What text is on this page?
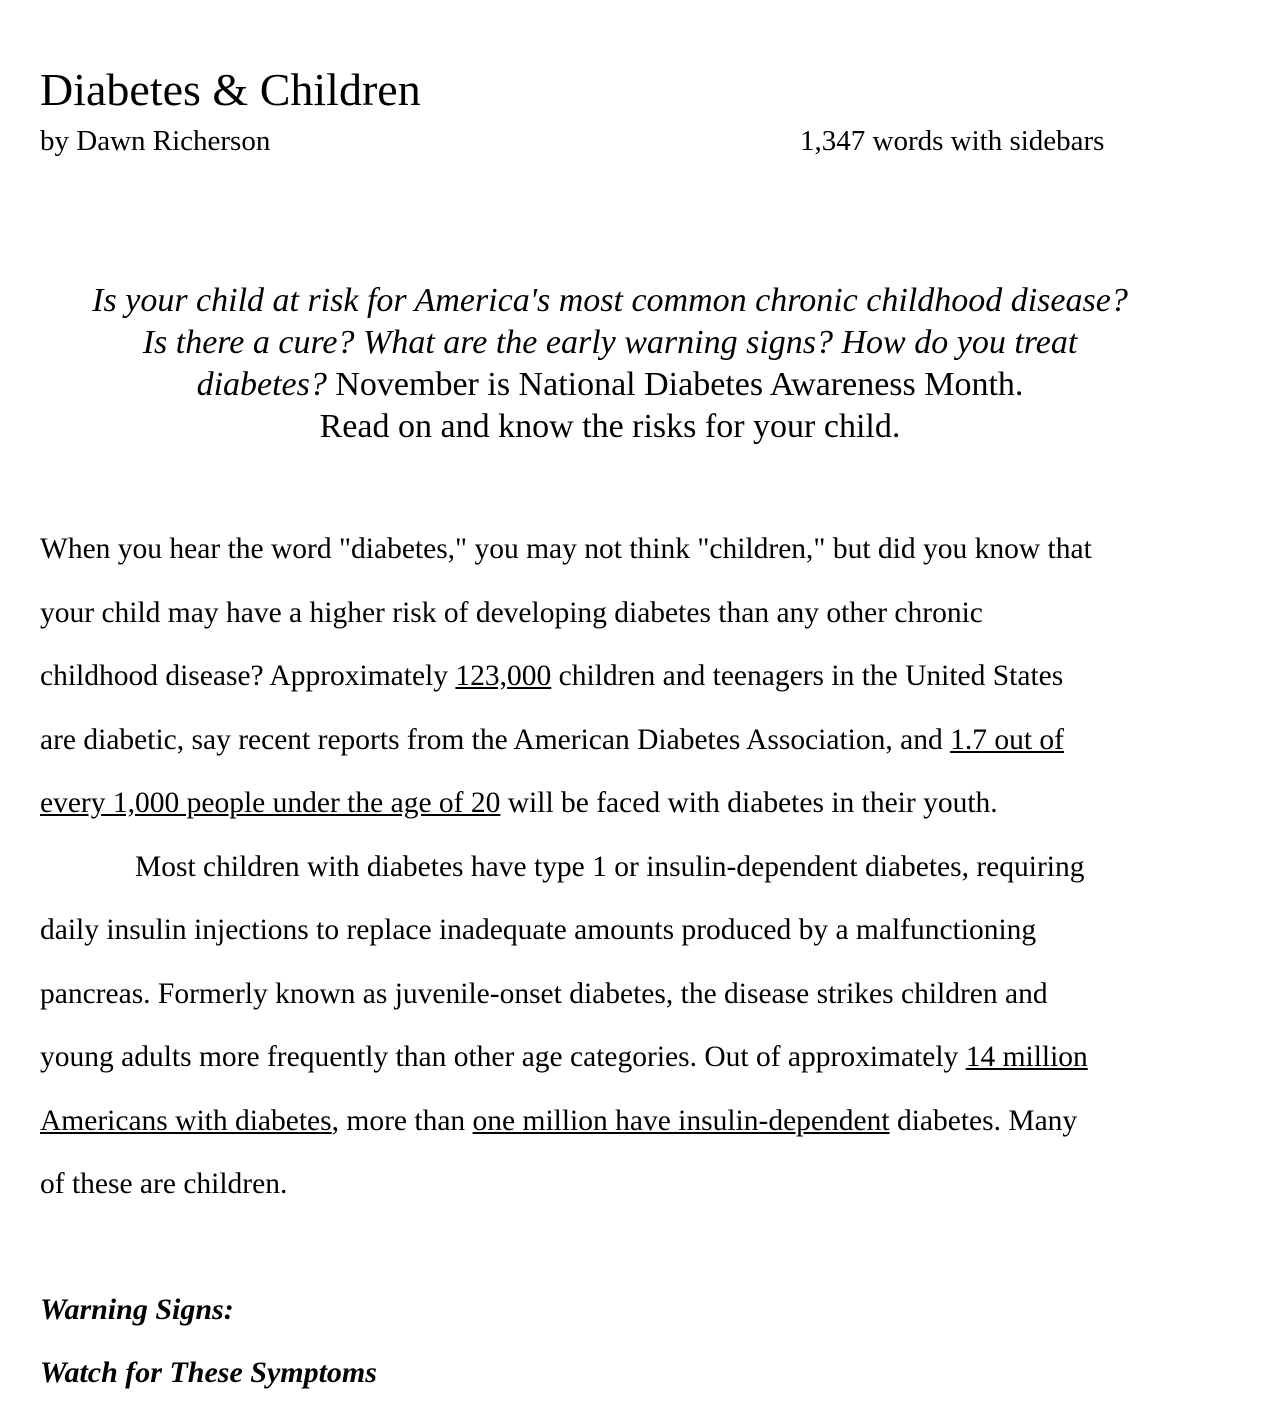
Diabetes & Children
by Dawn Richerson	1,347 words with sidebars
Is your child at risk for America's most common chronic childhood disease?
Is there a cure? What are the early warning signs? How do you treat
diabetes? November is National Diabetes Awareness Month.
Read on and know the risks for your child.
When you hear the word "diabetes," you may not think "children," but did you know that
your child may have a higher risk of developing diabetes than any other chronic
childhood disease? Approximately 123,000 children and teenagers in the United States
are diabetic, say recent reports from the American Diabetes Association, and 1.7 out of
every 1,000 people under the age of 20 will be faced with diabetes in their youth.
Most children with diabetes have type 1 or insulin-dependent diabetes, requiring
daily insulin injections to replace inadequate amounts produced by a malfunctioning
pancreas. Formerly known as juvenile-onset diabetes, the disease strikes children and
young adults more frequently than other age categories. Out of approximately 14 million
Americans with diabetes, more than one million have insulin-dependent diabetes. Many
of these are children.
Warning Signs:
Watch for These Symptoms
